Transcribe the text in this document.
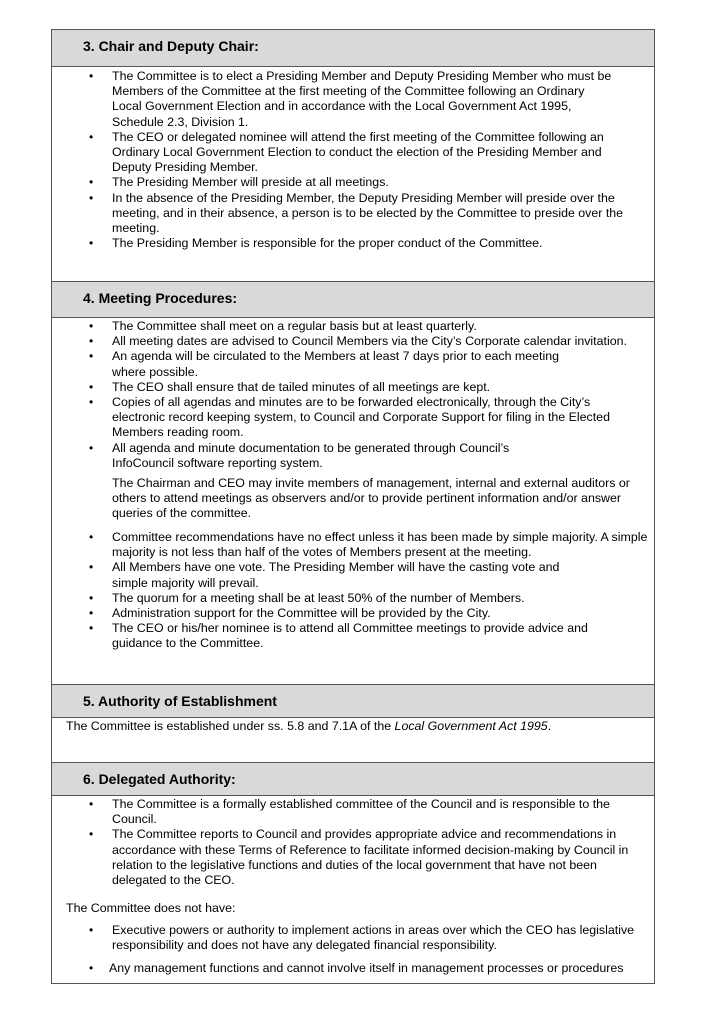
3. Chair and Deputy Chair:
• The Committee is to elect a Presiding Member and Deputy Presiding Member who must be Members of the Committee at the first meeting of the Committee following an Ordinary Local Government Election and in accordance with the Local Government Act 1995, Schedule 2.3, Division 1.
• The CEO or delegated nominee will attend the first meeting of the Committee following an Ordinary Local Government Election to conduct the election of the Presiding Member and Deputy Presiding Member.
• The Presiding Member will preside at all meetings.
• In the absence of the Presiding Member, the Deputy Presiding Member will preside over the meeting, and in their absence, a person is to be elected by the Committee to preside over the meeting.
• The Presiding Member is responsible for the proper conduct of the Committee.
4. Meeting Procedures:
• The Committee shall meet on a regular basis but at least quarterly.
• All meeting dates are advised to Council Members via the City’s Corporate calendar invitation.
• An agenda will be circulated to the Members at least 7 days prior to each meeting where possible.
• The CEO shall ensure that de tailed minutes of all meetings are kept.
• Copies of all agendas and minutes are to be forwarded electronically, through the City’s electronic record keeping system, to Council and Corporate Support for filing in the Elected Members reading room.
• All agenda and minute documentation to be generated through Council’s InfoCouncil software reporting system.
The Chairman and CEO may invite members of management, internal and external auditors or others to attend meetings as observers and/or to provide pertinent information and/or answer queries of the committee.
• Committee recommendations have no effect unless it has been made by simple majority. A simple majority is not less than half of the votes of Members present at the meeting.
• All Members have one vote. The Presiding Member will have the casting vote and simple majority will prevail.
• The quorum for a meeting shall be at least 50% of the number of Members.
• Administration support for the Committee will be provided by the City.
• The CEO or his/her nominee is to attend all Committee meetings to provide advice and guidance to the Committee.
5. Authority of Establishment
The Committee is established under ss. 5.8 and 7.1A of the Local Government Act 1995.
6. Delegated Authority:
• The Committee is a formally established committee of the Council and is responsible to the Council.
• The Committee reports to Council and provides appropriate advice and recommendations in accordance with these Terms of Reference to facilitate informed decision-making by Council in relation to the legislative functions and duties of the local government that have not been delegated to the CEO.
The Committee does not have:
• Executive powers or authority to implement actions in areas over which the CEO has legislative responsibility and does not have any delegated financial responsibility.
• Any management functions and cannot involve itself in management processes or procedures
